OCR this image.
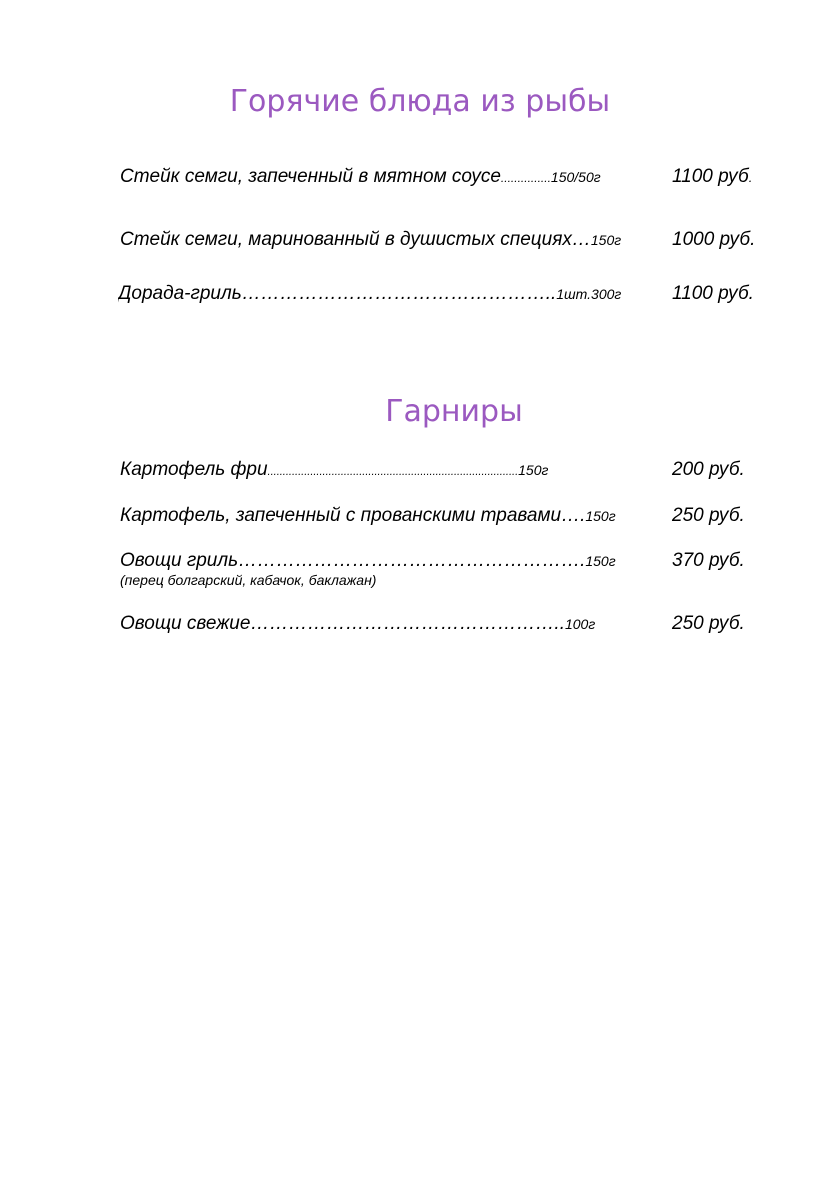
Горячие блюда из рыбы
Стейк семги, запеченный в мятном соусе...............150/50г	1100 руб.
Стейк семги, маринованный в душистых специях…150г	1000 руб.
Дорада-гриль…………………………………………..1шт.300г	1100 руб.
Гарниры
Картофель фри..................................................................................150г	200 руб.
Картофель, запеченный с прованскими травами….150г	250 руб.
Овощи гриль……………………………………………….150г	370 руб.
(перец болгарский, кабачок, баклажан)
Овощи свежие…………………………………………..100г	250 руб.
